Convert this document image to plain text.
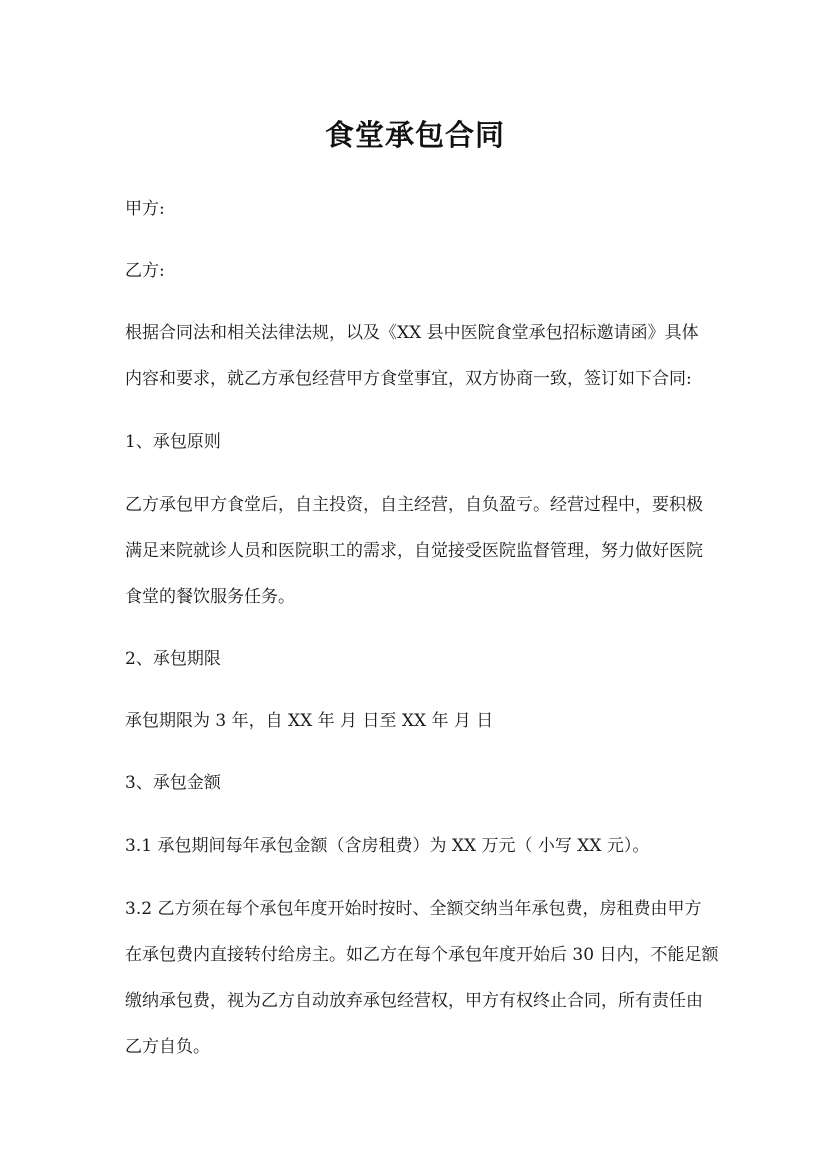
食堂承包合同
甲方:
乙方:
根据合同法和相关法律法规，以及《XX 县中医院食堂承包招标邀请函》具体
内容和要求，就乙方承包经营甲方食堂事宜，双方协商一致，签订如下合同:
1、承包原则
乙方承包甲方食堂后，自主投资，自主经营，自负盈亏。经营过程中，要积极
满足来院就诊人员和医院职工的需求，自觉接受医院监督管理，努力做好医院
食堂的餐饮服务任务。
2、承包期限
承包期限为 3 年，自 XX 年 月 日至 XX 年 月 日
3、承包金额
3.1 承包期间每年承包金额（含房租费）为 XX 万元（ 小写 XX 元）。
3.2 乙方须在每个承包年度开始时按时、全额交纳当年承包费，房租费由甲方
在承包费内直接转付给房主。如乙方在每个承包年度开始后 30 日内，不能足额
缴纳承包费，视为乙方自动放弃承包经营权，甲方有权终止合同，所有责任由
乙方自负。
